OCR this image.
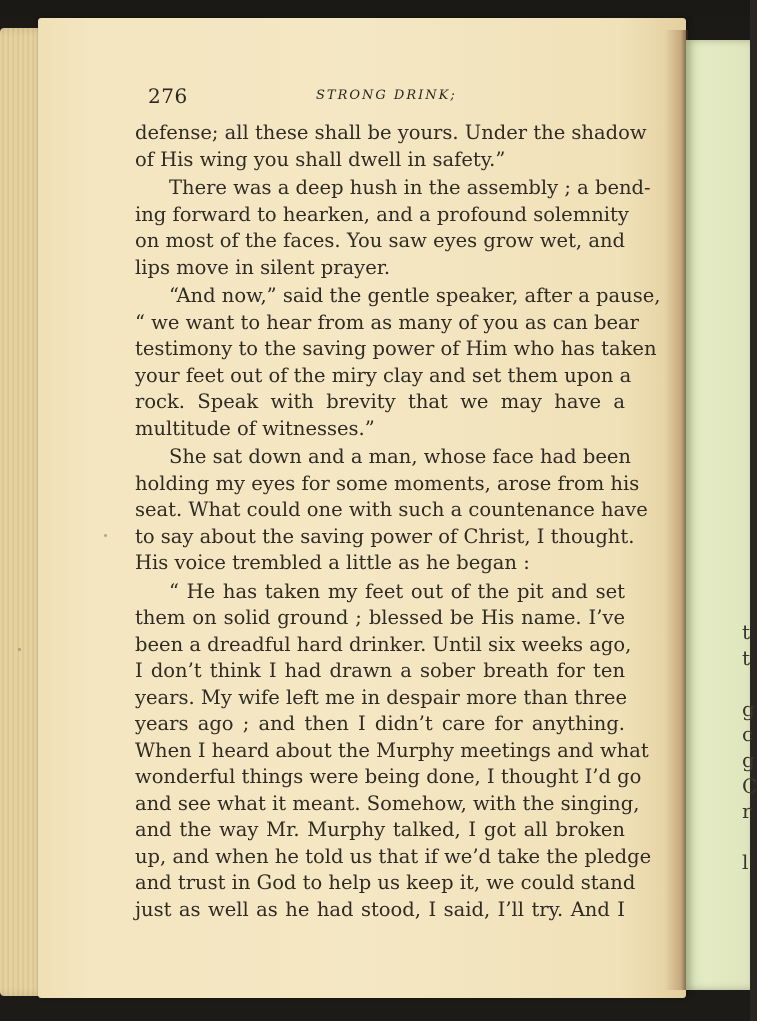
t
t
g
c
g
C
r
l
276	STRONG DRINK;
defense; all these shall be yours. Under the shadow
of His wing you shall dwell in safety.”
There was a deep hush in the assembly ; a bend-
ing forward to hearken, and a profound solemnity
on most of the faces. You saw eyes grow wet, and
lips move in silent prayer.
“And now,” said the gentle speaker, after a pause,
“ we want to hear from as many of you as can bear
testimony to the saving power of Him who has taken
your feet out of the miry clay and set them upon a
rock. Speak with brevity that we may have a
multitude of witnesses.”
She sat down and a man, whose face had been
holding my eyes for some moments, arose from his
seat. What could one with such a countenance have
to say about the saving power of Christ, I thought.
His voice trembled a little as he began :
“ He has taken my feet out of the pit and set
them on solid ground ; blessed be His name. I’ve
been a dreadful hard drinker. Until six weeks ago,
I don’t think I had drawn a sober breath for ten
years. My wife left me in despair more than three
years ago ; and then I didn’t care for anything.
When I heard about the Murphy meetings and what
wonderful things were being done, I thought I’d go
and see what it meant. Somehow, with the singing,
and the way Mr. Murphy talked, I got all broken
up, and when he told us that if we’d take the pledge
and trust in God to help us keep it, we could stand
just as well as he had stood, I said, I’ll try. And I
